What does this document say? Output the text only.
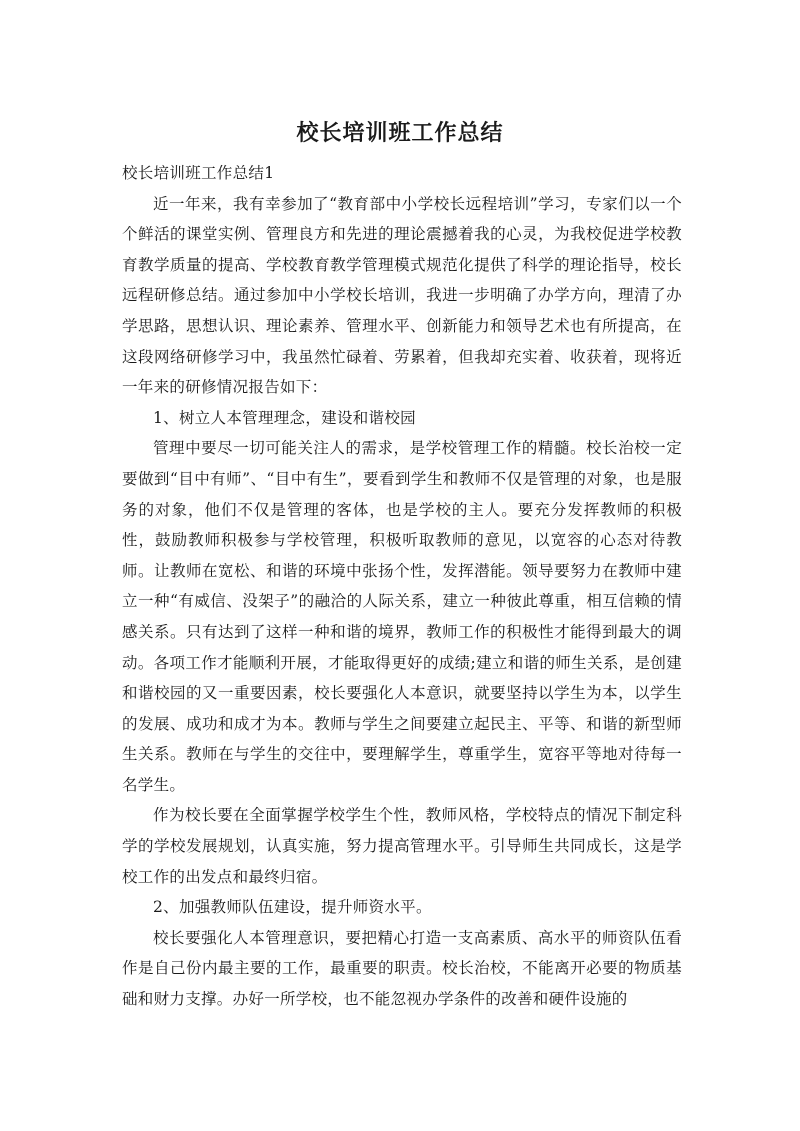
校长培训班工作总结

校长培训班工作总结1

近一年来，我有幸参加了“教育部中小学校长远程培训”学习，专家们以一个个鲜活的课堂实例、管理良方和先进的理论震撼着我的心灵，为我校促进学校教育教学质量的提高、学校教育教学管理模式规范化提供了科学的理论指导，校长远程研修总结。通过参加中小学校长培训，我进一步明确了办学方向，理清了办学思路，思想认识、理论素养、管理水平、创新能力和领导艺术也有所提高，在这段网络研修学习中，我虽然忙碌着、劳累着，但我却充实着、收获着，现将近一年来的研修情况报告如下：

1、树立人本管理理念，建设和谐校园

管理中要尽一切可能关注人的需求，是学校管理工作的精髓。校长治校一定要做到“目中有师”、“目中有生”，要看到学生和教师不仅是管理的对象，也是服务的对象，他们不仅是管理的客体，也是学校的主人。要充分发挥教师的积极性，鼓励教师积极参与学校管理，积极听取教师的意见，以宽容的心态对待教师。让教师在宽松、和谐的环境中张扬个性，发挥潜能。领导要努力在教师中建立一种“有威信、没架子”的融洽的人际关系，建立一种彼此尊重，相互信赖的情感关系。只有达到了这样一种和谐的境界，教师工作的积极性才能得到最大的调动。各项工作才能顺利开展，才能取得更好的成绩;建立和谐的师生关系，是创建和谐校园的又一重要因素，校长要强化人本意识，就要坚持以学生为本，以学生的发展、成功和成才为本。教师与学生之间要建立起民主、平等、和谐的新型师生关系。教师在与学生的交往中，要理解学生，尊重学生，宽容平等地对待每一名学生。

作为校长要在全面掌握学校学生个性，教师风格，学校特点的情况下制定科学的学校发展规划，认真实施，努力提高管理水平。引导师生共同成长，这是学校工作的出发点和最终归宿。

2、加强教师队伍建设，提升师资水平。

校长要强化人本管理意识，要把精心打造一支高素质、高水平的师资队伍看作是自己份内最主要的工作，最重要的职责。校长治校，不能离开必要的物质基础和财力支撑。办好一所学校，也不能忽视办学条件的改善和硬件设施的
